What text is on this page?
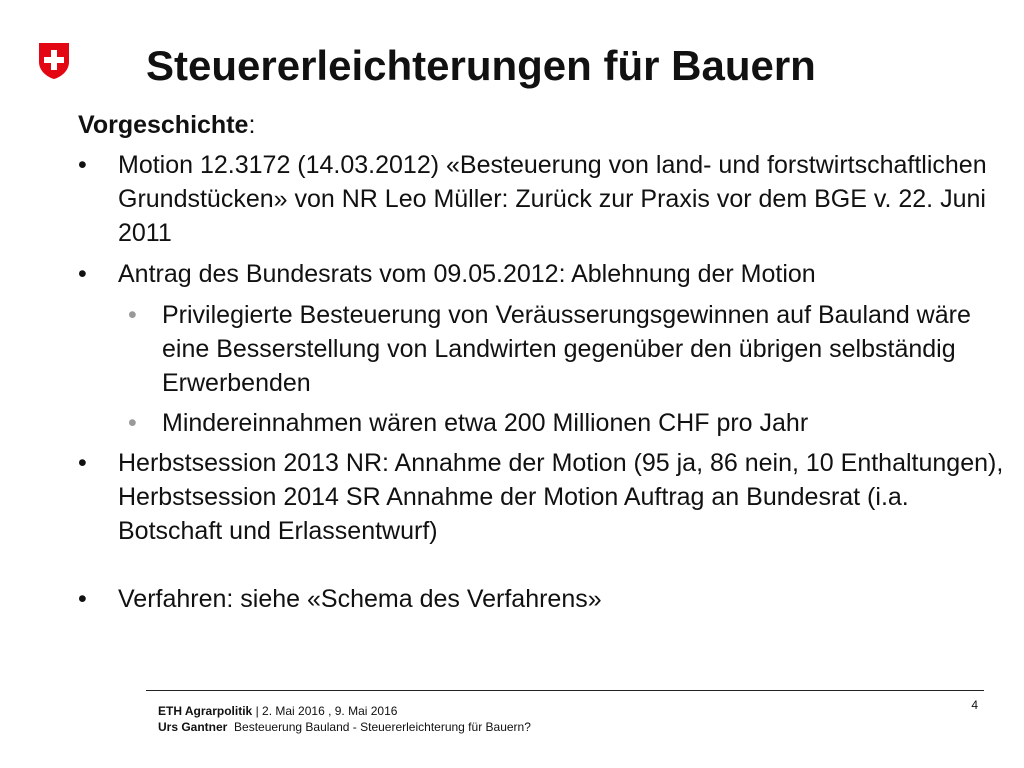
Steuererleichterungen für Bauern

Vorgeschichte:

•	Motion 12.3172 (14.03.2012) «Besteuerung von land- und forstwirtschaftlichen Grundstücken» von NR Leo Müller: Zurück zur Praxis vor dem BGE v. 22. Juni 2011
•	Antrag des Bundesrats vom 09.05.2012: Ablehnung der Motion
•	Privilegierte Besteuerung von Veräusserungsgewinnen auf Bauland wäre eine Besserstellung von Landwirten gegenüber den übrigen selbständig Erwerbenden
•	Mindereinnahmen wären etwa 200 Millionen CHF pro Jahr
•	Herbstsession 2013 NR: Annahme der Motion (95 ja, 86 nein, 10 Enthaltungen), Herbstsession 2014 SR Annahme der Motion Auftrag an Bundesrat (i.a. Botschaft und Erlassentwurf)
•	Verfahren: siehe «Schema des Verfahrens»
ETH Agrarpolitik | 2. Mai 2016 , 9. Mai 2016
Urs Gantner Besteuerung Bauland - Steuererleichterung für Bauern?
4
